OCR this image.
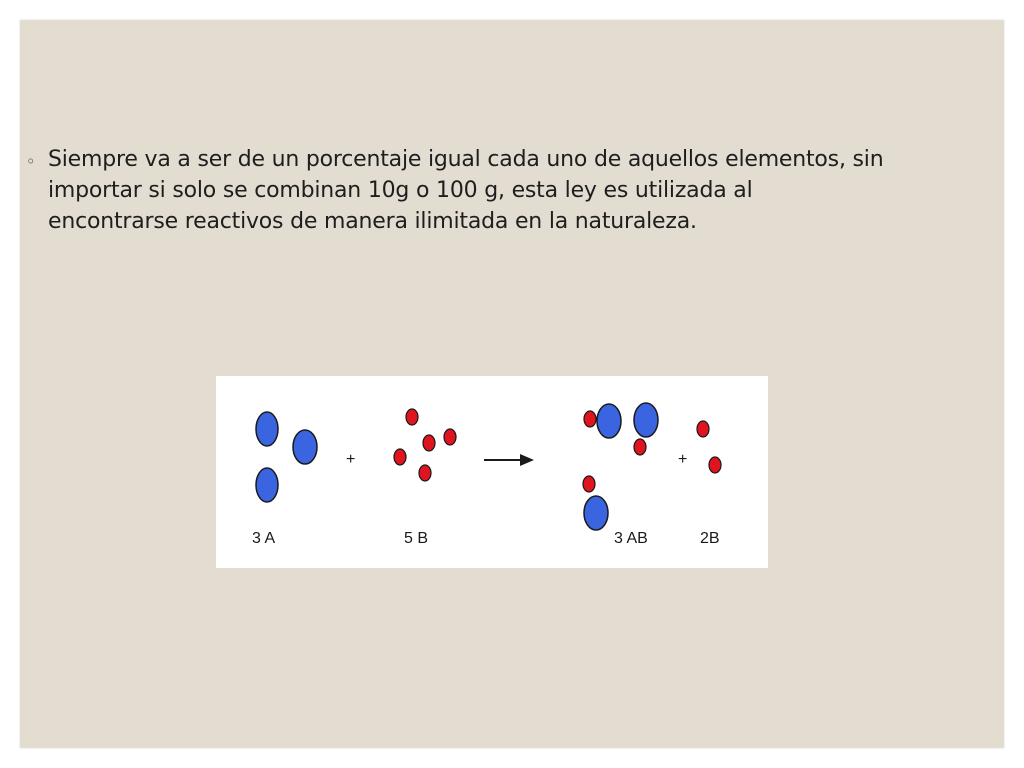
◦ Siempre va a ser de un porcentaje igual cada uno de aquellos elementos, sin importar si solo se combinan 10g o 100 g, esta ley es utilizada al encontrarse reactivos de manera ilimitada en la naturaleza.
+	+
3 A	5 B	3 AB	2B
